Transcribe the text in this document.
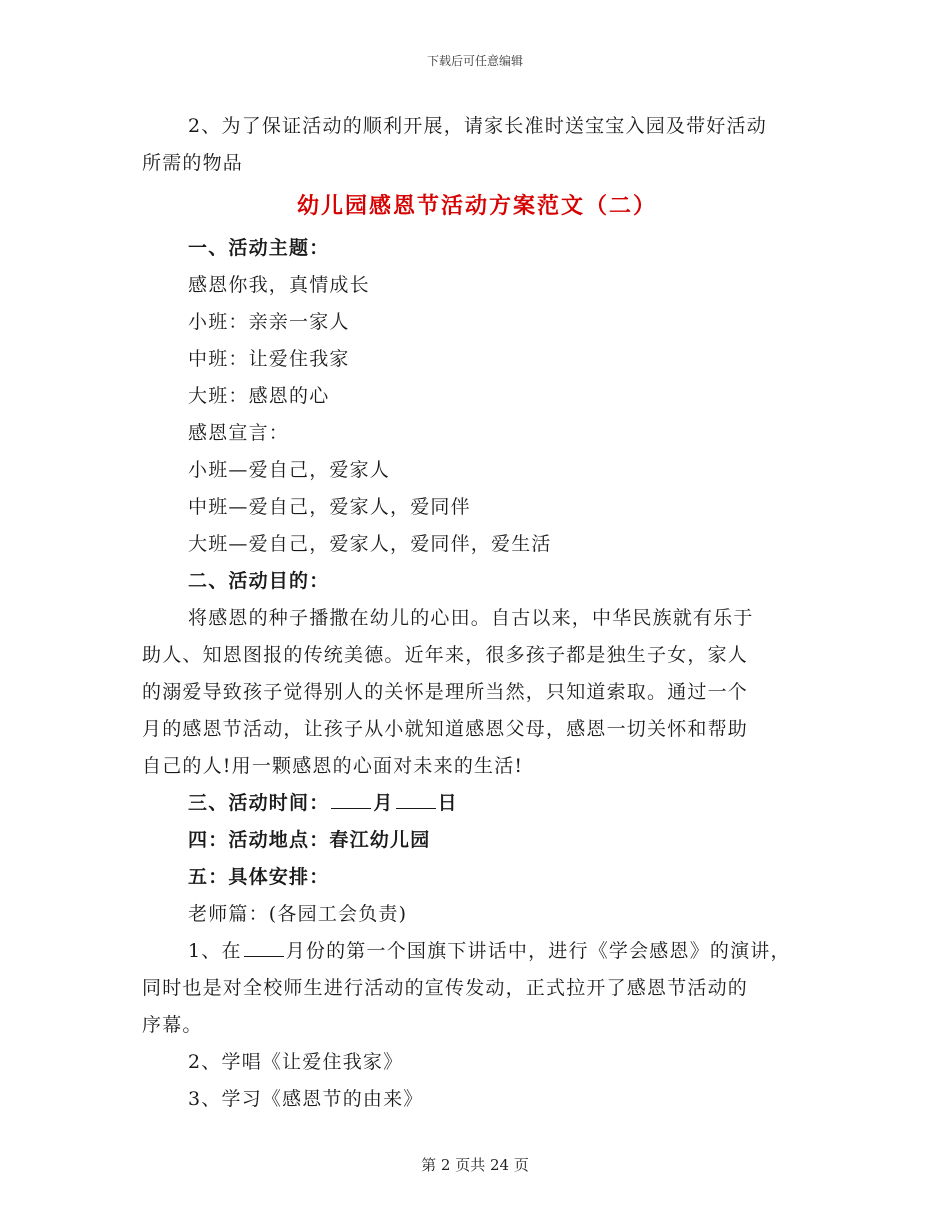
下载后可任意编辑

2、为了保证活动的顺利开展，请家长准时送宝宝入园及带好活动

所需的物品

幼儿园感恩节活动方案范文（二）

一、活动主题：

感恩你我，真情成长

小班：亲亲一家人

中班：让爱住我家

大班：感恩的心

感恩宣言：

小班—爱自己，爱家人

中班—爱自己，爱家人，爱同伴

大班—爱自己，爱家人，爱同伴，爱生活

二、活动目的：

将感恩的种子播撒在幼儿的心田。自古以来，中华民族就有乐于

助人、知恩图报的传统美德。近年来，很多孩子都是独生子女，家人

的溺爱导致孩子觉得别人的关怀是理所当然，只知道索取。通过一个

月的感恩节活动，让孩子从小就知道感恩父母，感恩一切关怀和帮助

自己的人!用一颗感恩的心面对未来的生活!

三、活动时间： 月 日

四：活动地点：春江幼儿园

五：具体安排：

老师篇：(各园工会负责)

1、在 月份的第一个国旗下讲话中，进行《学会感恩》的演讲，

同时也是对全校师生进行活动的宣传发动，正式拉开了感恩节活动的

序幕。

2、学唱《让爱住我家》

3、学习《感恩节的由来》

第 2 页共 24 页
